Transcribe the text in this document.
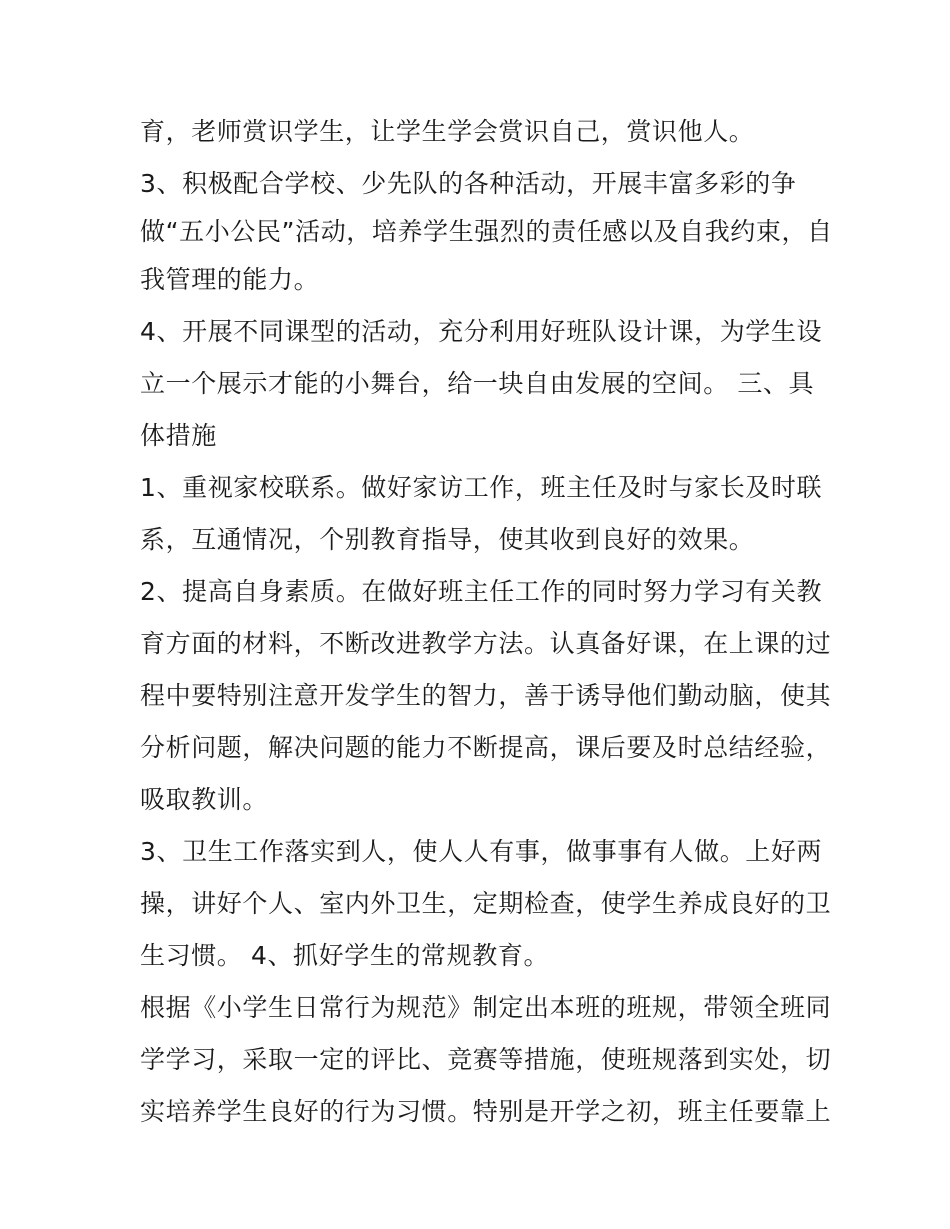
育，老师赏识学生，让学生学会赏识自己，赏识他人。

3、积极配合学校、少先队的各种活动，开展丰富多彩的争

做“五小公民”活动，培养学生强烈的责任感以及自我约束，自

我管理的能力。

4、开展不同课型的活动，充分利用好班队设计课，为学生设

立一个展示才能的小舞台，给一块自由发展的空间。 三、具

体措施

1、重视家校联系。做好家访工作，班主任及时与家长及时联

系，互通情况，个别教育指导，使其收到良好的效果。

2、提高自身素质。在做好班主任工作的同时努力学习有关教

育方面的材料，不断改进教学方法。认真备好课，在上课的过

程中要特别注意开发学生的智力，善于诱导他们勤动脑，使其

分析问题，解决问题的能力不断提高，课后要及时总结经验，

吸取教训。

3、卫生工作落实到人，使人人有事，做事事有人做。上好两

操，讲好个人、室内外卫生，定期检查，使学生养成良好的卫

生习惯。 4、抓好学生的常规教育。

根据《小学生日常行为规范》制定出本班的班规，带领全班同

学学习，采取一定的评比、竞赛等措施，使班规落到实处，切

实培养学生良好的行为习惯。特别是开学之初，班主任要靠上
